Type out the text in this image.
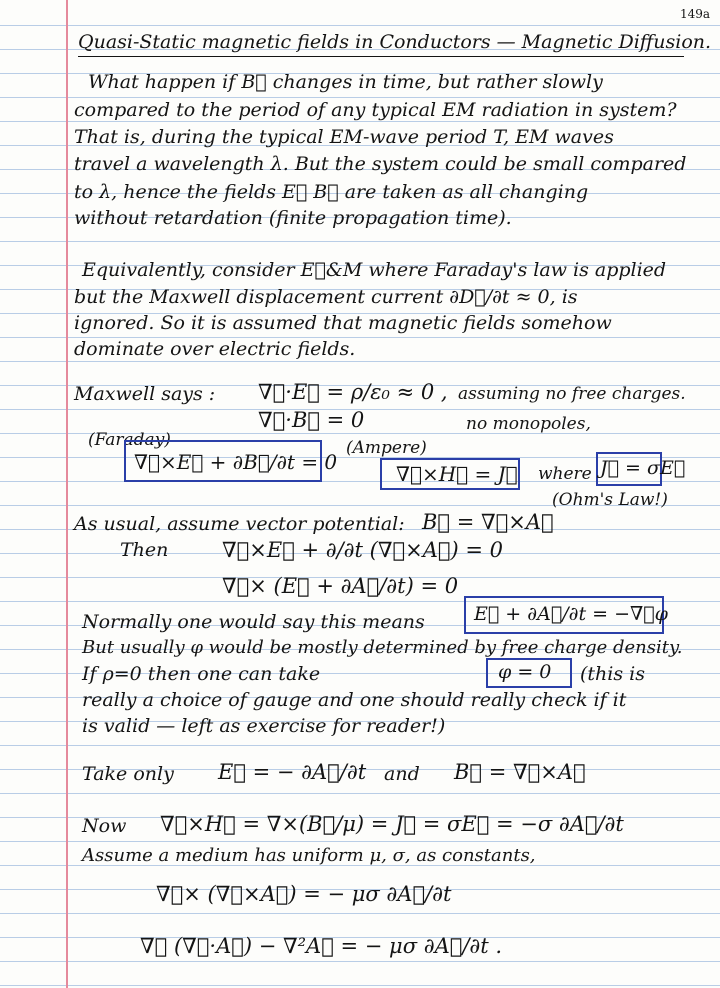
149a
Quasi-Static magnetic fields in Conductors — Magnetic Diffusion.
What happen if B⃗ changes in time, but rather slowly
compared to the period of any typical EM radiation in system?
That is, during the typical EM-wave period T, EM waves
travel a wavelength λ. But the system could be small compared
to λ, hence the fields E⃗ B⃗ are taken as all changing
without retardation (finite propagation time).
Equivalently, consider E⃗&M where Faraday's law is applied
but the Maxwell displacement current ∂D⃗/∂t ≈ 0, is
ignored. So it is assumed that magnetic fields somehow
dominate over electric fields.
Maxwell says : ∇⃗·E⃗ = ρ/ε₀ ≈ 0 , assuming no free charges.
∇⃗·B⃗ = 0	no monopoles,
(Faraday)
∇⃗×E⃗ + ∂B⃗/∂t = 0
(Ampere)
∇⃗×H⃗ = J⃗ where J⃗ = σE⃗
(Ohm's Law!)
As usual, assume vector potential: B⃗ = ∇⃗×A⃗
Then	∇⃗×E⃗ + ∂/∂t (∇⃗×A⃗) = 0
∇⃗× (E⃗ + ∂A⃗/∂t) = 0
Normally one would say this means	E⃗ + ∂A⃗/∂t = −∇⃗φ
But usually φ would be mostly determined by free charge density.
If ρ=0 then one can take	φ = 0 (this is
really a choice of gauge and one should really check if it
is valid — left as exercise for reader!)
Take only E⃗ = − ∂A⃗/∂t and B⃗ = ∇⃗×A⃗
Now ∇⃗×H⃗ = ∇×(B⃗/μ) = J⃗ = σE⃗ = −σ ∂A⃗/∂t
Assume a medium has uniform μ, σ, as constants,
∇⃗× (∇⃗×A⃗) = − μσ ∂A⃗/∂t
∇⃗ (∇⃗·A⃗) − ∇²A⃗ = − μσ ∂A⃗/∂t .
